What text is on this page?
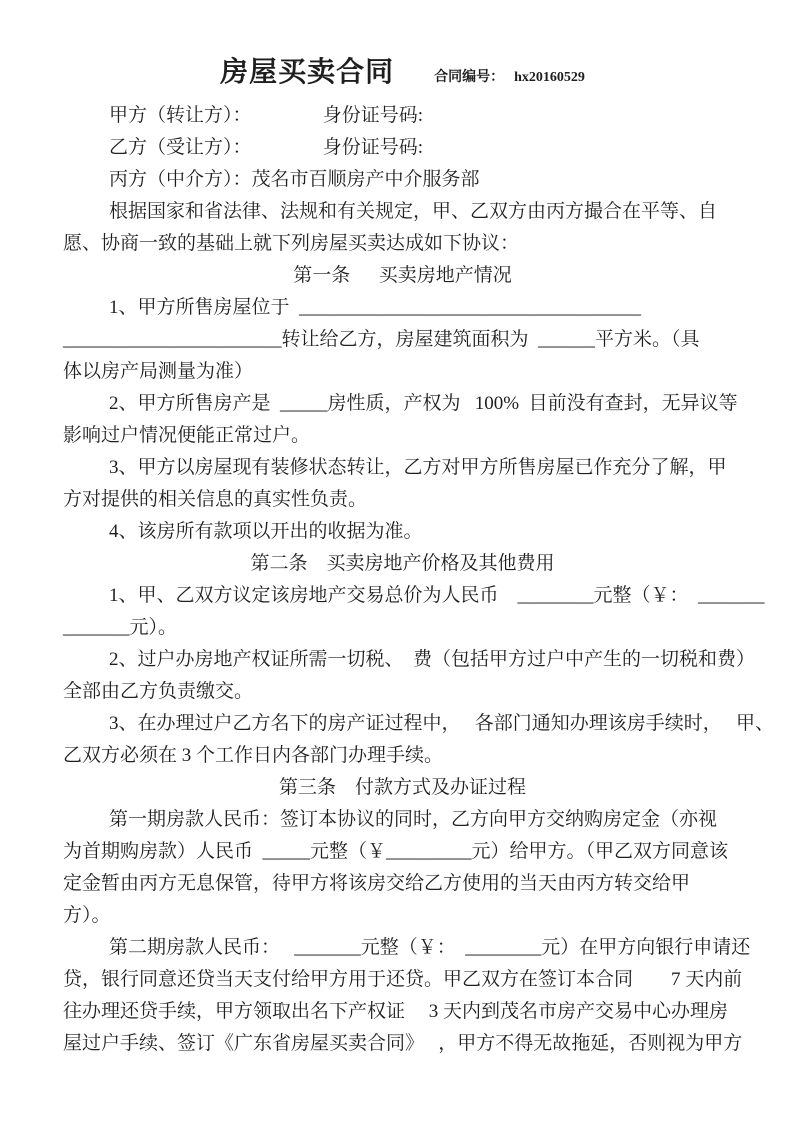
房屋买卖合同	合同编号： hx20160529
甲方（转让方）：               身份证号码:
乙方（受让方）：               身份证号码:
丙方（中介方）：茂名市百顺房产中介服务部
根据国家和省法律、法规和有关规定，甲、乙双方由丙方撮合在平等、自
愿、协商一致的基础上就下列房屋买卖达成如下协议：
第一条      买卖房地产情况
1、甲方所售房屋位于  ____________________________________
_______________________转让给乙方，房屋建筑面积为  ______平方米。（具
体以房产局测量为准）
2、甲方所售房产是  _____房性质，产权为   100%  目前没有查封，无异议等
影响过户情况便能正常过户。
3、甲方以房屋现有装修状态转让，乙方对甲方所售房屋已作充分了解，甲
方对提供的相关信息的真实性负责。
4、该房所有款项以开出的收据为准。
第二条    买卖房地产价格及其他费用
1、甲、乙双方议定该房地产交易总价为人民币    ________元整（￥：  _______
_______元）。
2、过户办房地产权证所需一切税、  费（包括甲方过户中产生的一切税和费）
全部由乙方负责缴交。
3、在办理过户乙方名下的房产证过程中，   各部门通知办理该房手续时，   甲、
乙双方必须在 3 个工作日内各部门办理手续。
第三条    付款方式及办证过程
第一期房款人民币：签订本协议的同时，乙方向甲方交纳购房定金（亦视
为首期购房款）人民币  _____元整（￥_________元）给甲方。（甲乙双方同意该
定金暂由丙方无息保管，待甲方将该房交给乙方使用的当天由丙方转交给甲
方）。
第二期房款人民币：   _______元整（￥：  ________元）在甲方向银行申请还
贷，银行同意还贷当天支付给甲方用于还贷。甲乙双方在签订本合同        7 天内前
往办理还贷手续，甲方领取出名下产权证     3 天内到茂名市房产交易中心办理房
屋过户手续、签订《广东省房屋买卖合同》   ，甲方不得无故拖延，否则视为甲方
